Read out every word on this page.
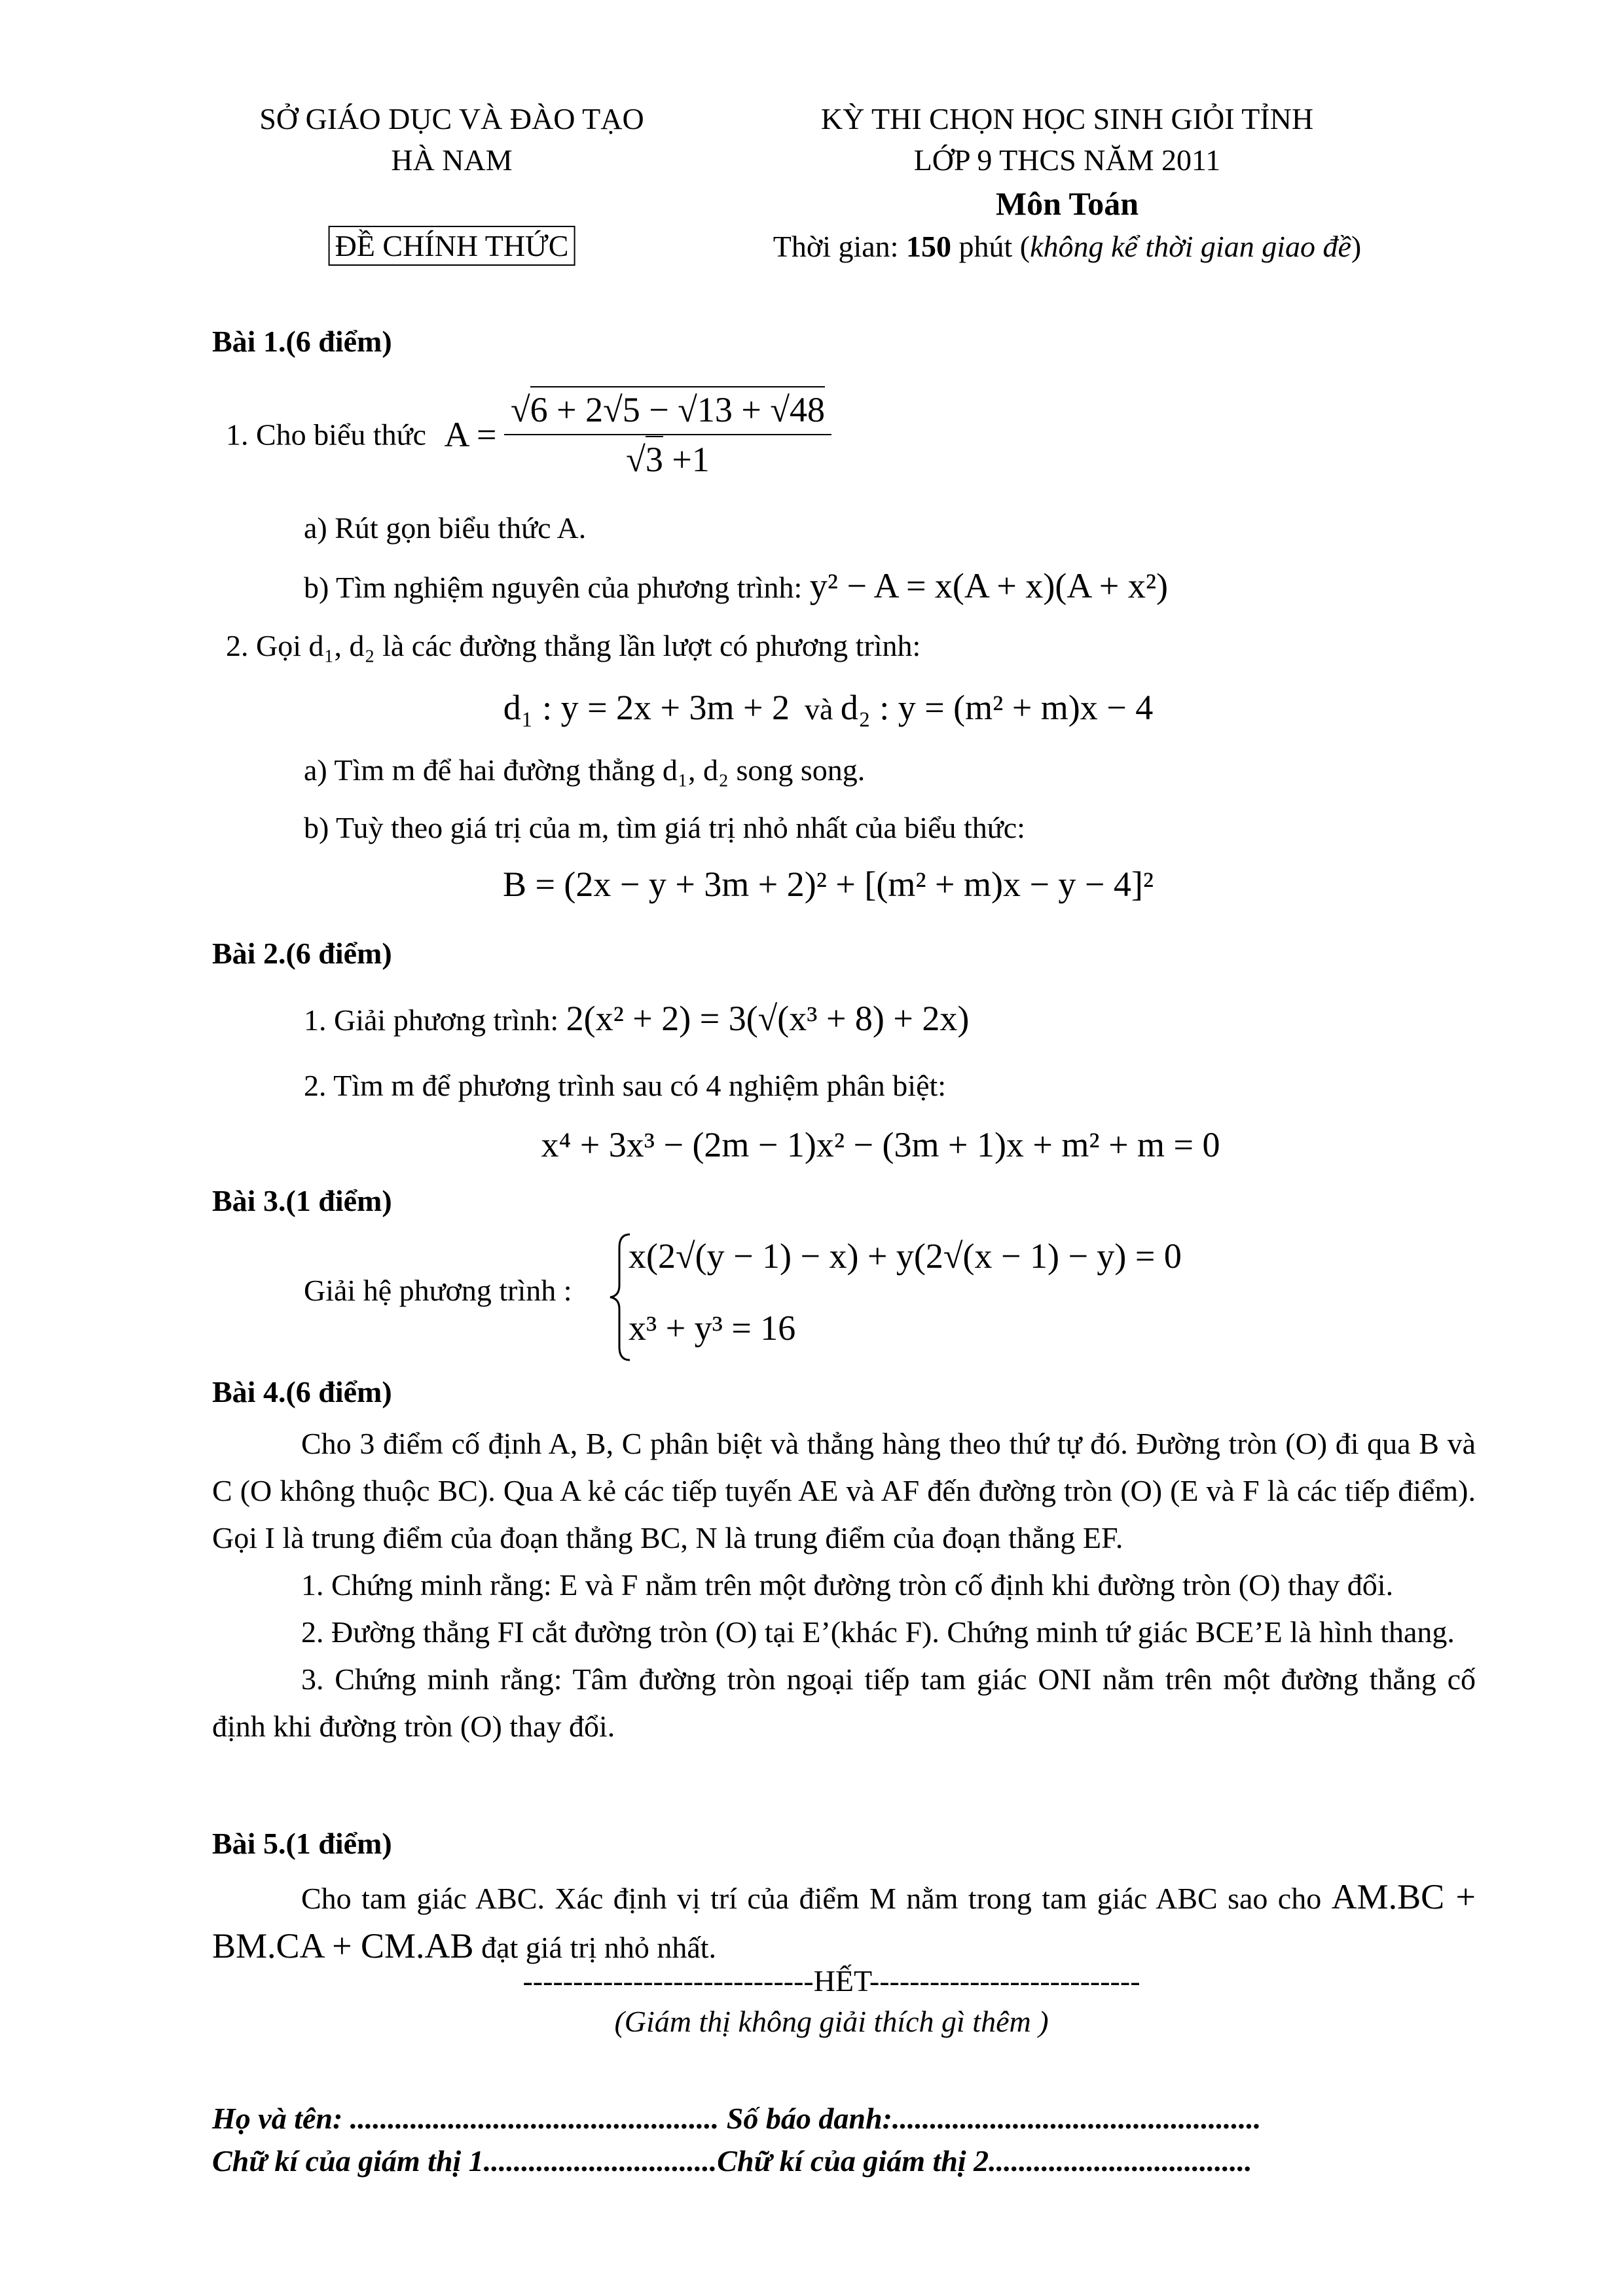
SỞ GIÁO DỤC VÀ ĐÀO TẠO
HÀ NAM
ĐỀ CHÍNH THỨC
KỲ THI CHỌN HỌC SINH GIỎI TỈNH
LỚP 9 THCS NĂM 2011
Môn Toán
Thời gian: 150 phút (không kể thời gian giao đề)
Bài 1.(6 điểm)
1. Cho biểu thức $A = \frac{√6 + 2√5 - √13 + √48}{√3 +1}$
a) Rút gọn biểu thức A.
b) Tìm nghiệm nguyên của phương trình: y² − A = x(A + x)(A + x²)
2. Gọi d₁, d₂ là các đường thẳng lần lượt có phương trình:
d₁ : y = 2x + 3m + 2 và d₂ : y = (m² + m)x − 4
a) Tìm m để hai đường thẳng d₁, d₂ song song.
b) Tuỳ theo giá trị của m, tìm giá trị nhỏ nhất của biểu thức:
B = (2x − y + 3m + 2)² + [(m² + m)x − y − 4]²
Bài 2.(6 điểm)
1. Giải phương trình: 2(x² + 2) = 3(√(x³ + 8) + 2x)
2. Tìm m để phương trình sau có 4 nghiệm phân biệt:
x⁴ + 3x³ − (2m − 1)x² − (3m + 1)x + m² + m = 0
Bài 3.(1 điểm)
Giải hệ phương trình :
x(2√(y − 1) − x) + y(2√(x − 1) − y) = 0
x³ + y³ = 16
Bài 4.(6 điểm)

Cho 3 điểm cố định A, B, C phân biệt và thẳng hàng theo thứ tự đó. Đường tròn (O) đi qua B và C (O không thuộc BC). Qua A kẻ các tiếp tuyến AE và AF đến đường tròn (O) (E và F là các tiếp điểm). Gọi I là trung điểm của đoạn thẳng BC, N là trung điểm của đoạn thẳng EF.

1. Chứng minh rằng: E và F nằm trên một đường tròn cố định khi đường tròn (O) thay đổi.

2. Đường thẳng FI cắt đường tròn (O) tại E’(khác F). Chứng minh tứ giác BCE’E là hình thang.

3. Chứng minh rằng: Tâm đường tròn ngoại tiếp tam giác ONI nằm trên một đường thẳng cố định khi đường tròn (O) thay đổi.

Bài 5.(1 điểm)

Cho tam giác ABC. Xác định vị trí của điểm M nằm trong tam giác ABC sao cho AM.BC + BM.CA + CM.AB đạt giá trị nhỏ nhất.

-----------------------------HẾT---------------------------
(Giám thị không giải thích gì thêm )
Họ và tên: ................................................. Số báo danh:.................................................
Chữ kí của giám thị 1...............................Chữ kí của giám thị 2...................................
